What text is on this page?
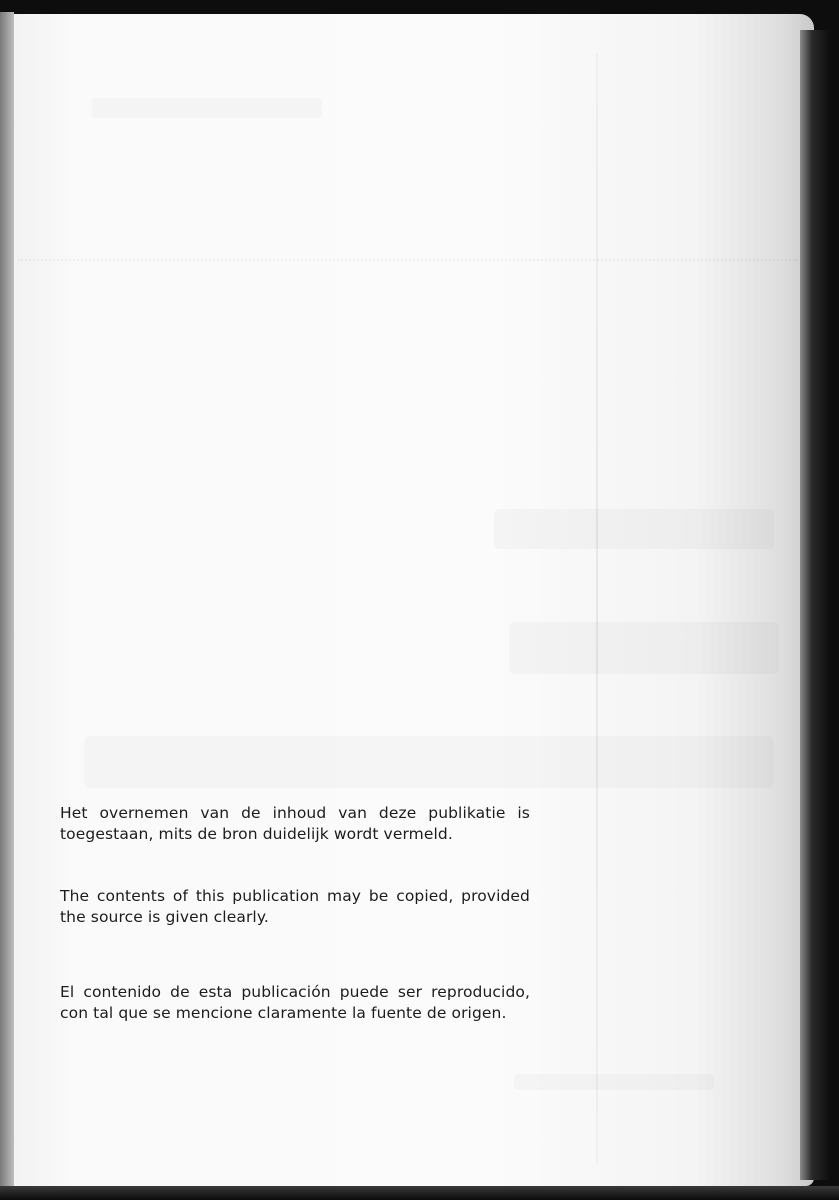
Het overnemen van de inhoud van deze publikatie is toegestaan, mits de bron duidelijk wordt vermeld.

The contents of this publication may be copied, provided the source is given clearly.

El contenido de esta publicación puede ser reproducido, con tal que se mencione claramente la fuente de origen.
